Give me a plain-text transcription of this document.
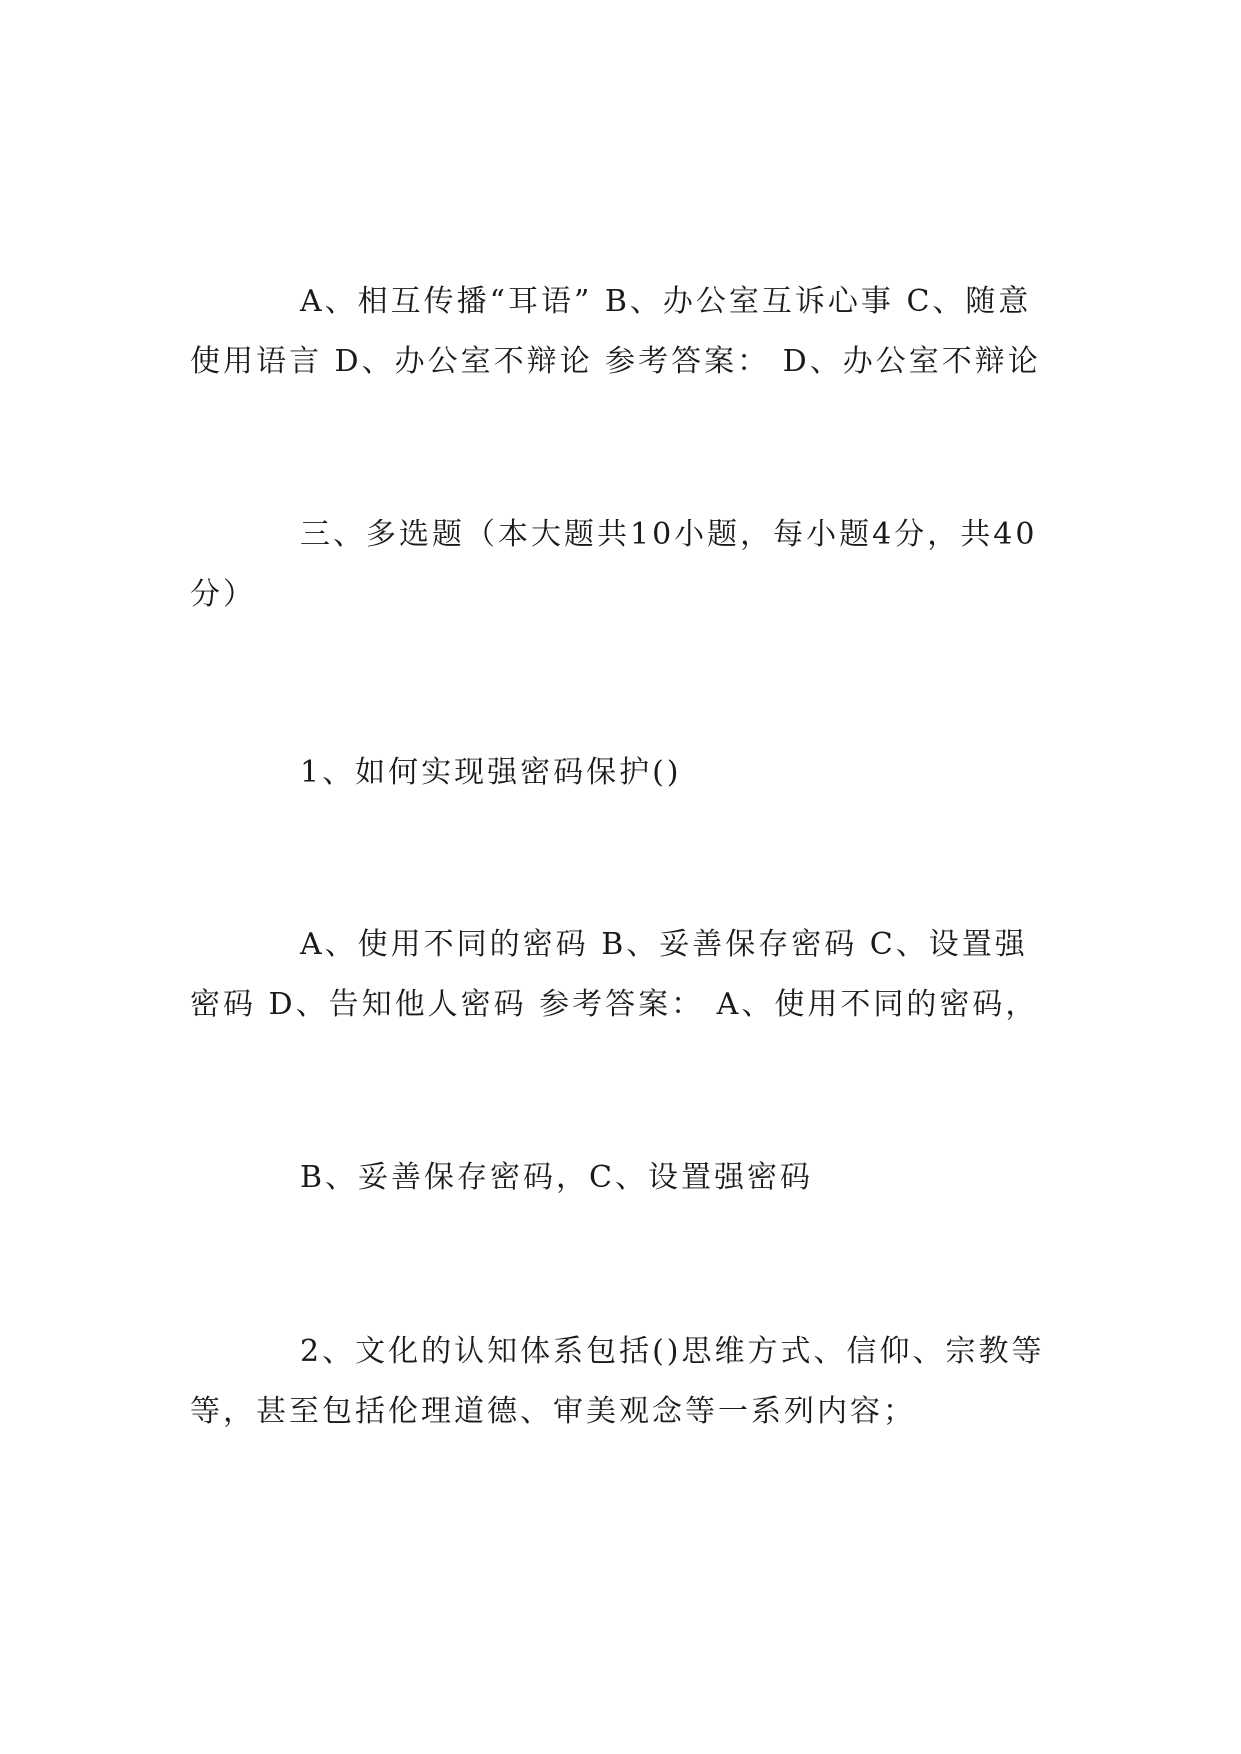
A、相互传播“耳语” B、办公室互诉心事 C、随意使用语言 D、办公室不辩论 参考答案： D、办公室不辩论

三、多选题（本大题共10小题，每小题4分，共40分）

1、如何实现强密码保护()

A、使用不同的密码 B、妥善保存密码 C、设置强密码 D、告知他人密码 参考答案： A、使用不同的密码，

B、妥善保存密码，C、设置强密码

2、文化的认知体系包括()思维方式、信仰、宗教等等，甚至包括伦理道德、审美观念等一系列内容；
